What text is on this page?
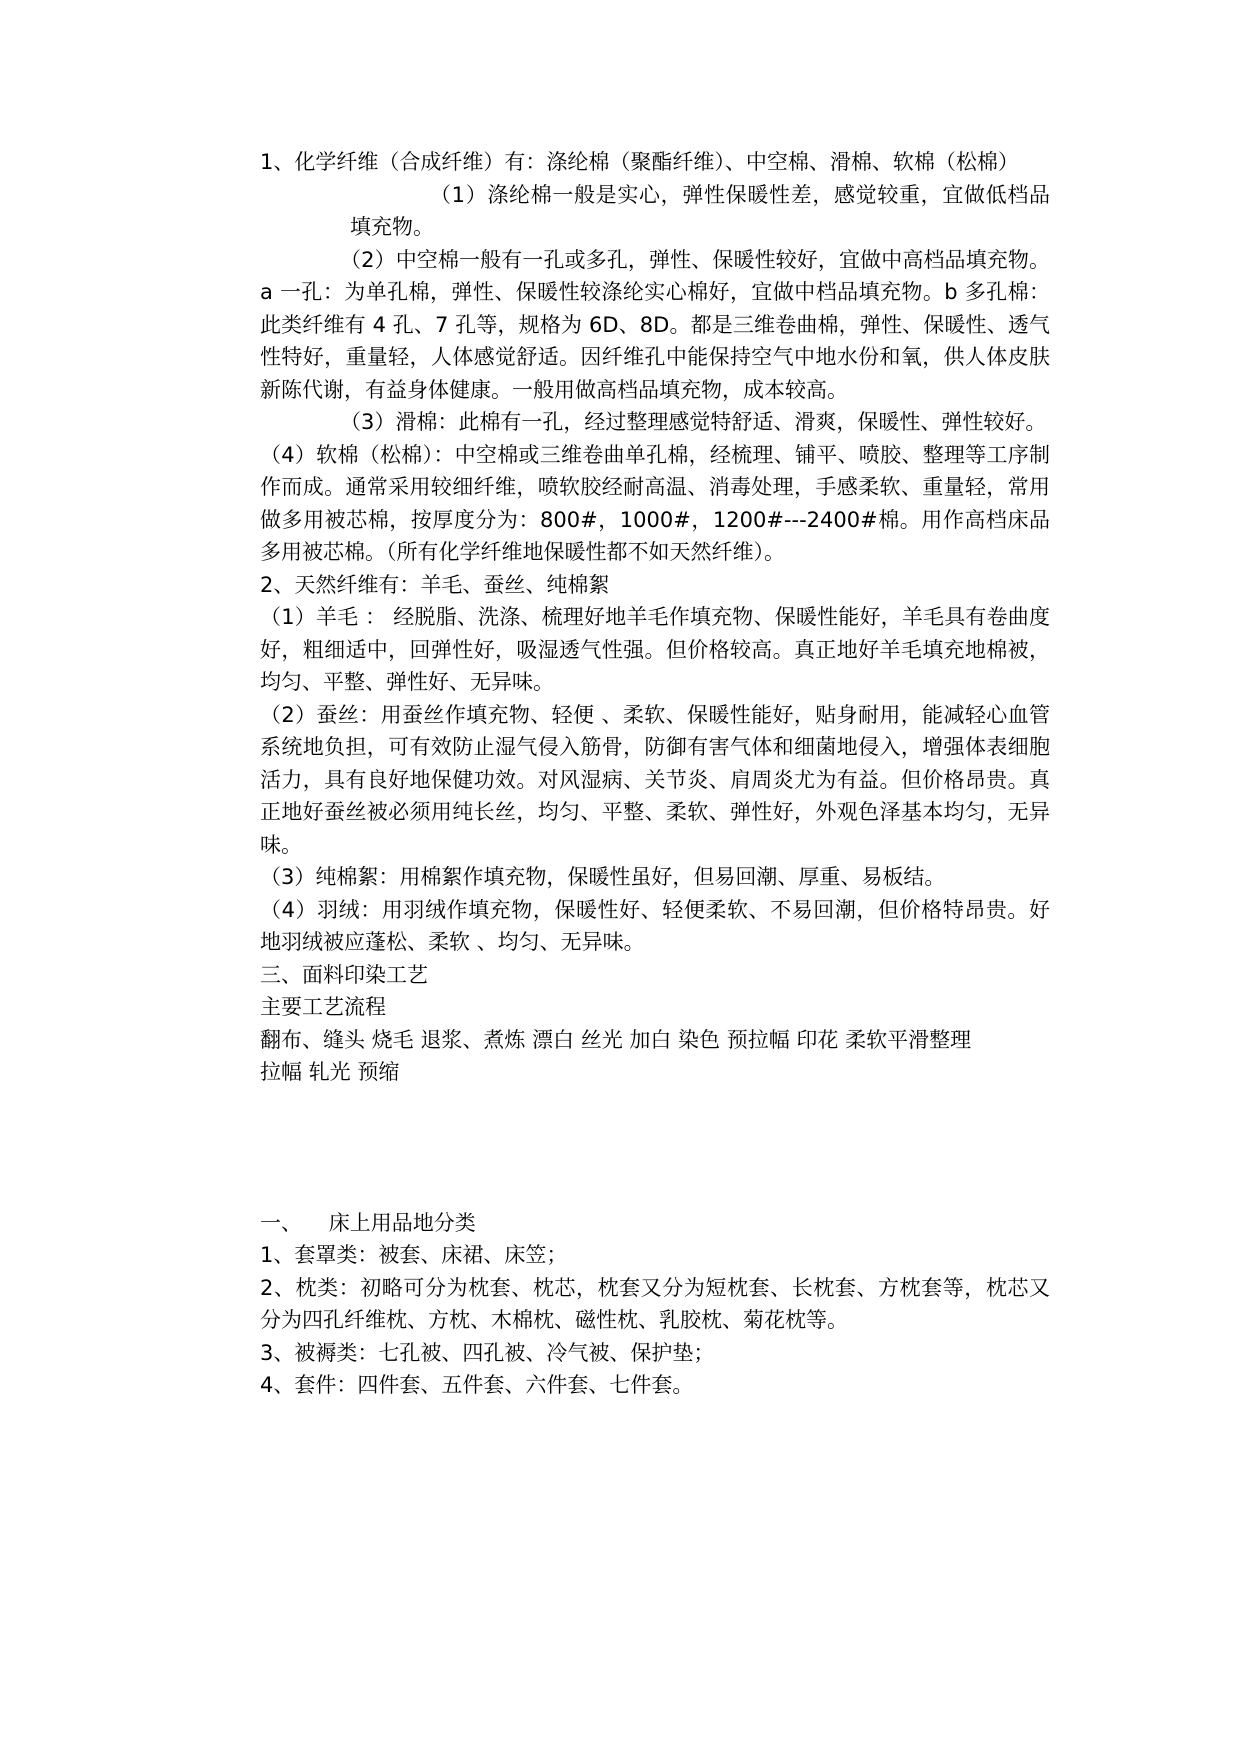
1、化学纤维（合成纤维）有：涤纶棉（聚酯纤维）、中空棉、滑棉、软棉（松棉）

（1）涤纶棉一般是实心，弹性保暖性差，感觉较重，宜做低档品填充物。

（2）中空棉一般有一孔或多孔，弹性、保暖性较好，宜做中高档品填充物。a 一孔：为单孔棉，弹性、保暖性较涤纶实心棉好，宜做中档品填充物。b 多孔棉：此类纤维有 4 孔、7 孔等，规格为 6D、8D。都是三维卷曲棉，弹性、保暖性、透气性特好，重量轻，人体感觉舒适。因纤维孔中能保持空气中地水份和氧，供人体皮肤新陈代谢，有益身体健康。一般用做高档品填充物，成本较高。

（3）滑棉：此棉有一孔，经过整理感觉特舒适、滑爽，保暖性、弹性较好。

（4）软棉（松棉）：中空棉或三维卷曲单孔棉，经梳理、铺平、喷胶、整理等工序制作而成。通常采用较细纤维，喷软胶经耐高温、消毒处理，手感柔软、重量轻，常用做多用被芯棉，按厚度分为：800#，1000#，1200#---2400#棉。用作高档床品多用被芯棉。（所有化学纤维地保暖性都不如天然纤维）。

2、天然纤维有：羊毛、蚕丝、纯棉絮

（1）羊毛 ： 经脱脂、洗涤、梳理好地羊毛作填充物、保暖性能好，羊毛具有卷曲度好，粗细适中，回弹性好，吸湿透气性强。但价格较高。真正地好羊毛填充地棉被，均匀、平整、弹性好、无异味。

（2）蚕丝：用蚕丝作填充物、轻便 、柔软、保暖性能好，贴身耐用，能减轻心血管系统地负担，可有效防止湿气侵入筋骨，防御有害气体和细菌地侵入，增强体表细胞活力，具有良好地保健功效。对风湿病、关节炎、肩周炎尤为有益。但价格昂贵。真正地好蚕丝被必须用纯长丝，均匀、平整、柔软、弹性好，外观色泽基本均匀，无异味。

（3）纯棉絮：用棉絮作填充物，保暖性虽好，但易回潮、厚重、易板结。

（4）羽绒：用羽绒作填充物，保暖性好、轻便柔软、不易回潮，但价格特昂贵。好地羽绒被应蓬松、柔软 、均匀、无异味。

三、面料印染工艺

主要工艺流程

翻布、缝头 烧毛 退浆、煮炼 漂白 丝光 加白 染色 预拉幅 印花 柔软平滑整理

拉幅 轧光 预缩

一、    床上用品地分类

1、套罩类：被套、床裙、床笠；

2、枕类：初略可分为枕套、枕芯，枕套又分为短枕套、长枕套、方枕套等，枕芯又分为四孔纤维枕、方枕、木棉枕、磁性枕、乳胶枕、菊花枕等。

3、被褥类：七孔被、四孔被、冷气被、保护垫；

4、套件：四件套、五件套、六件套、七件套。
